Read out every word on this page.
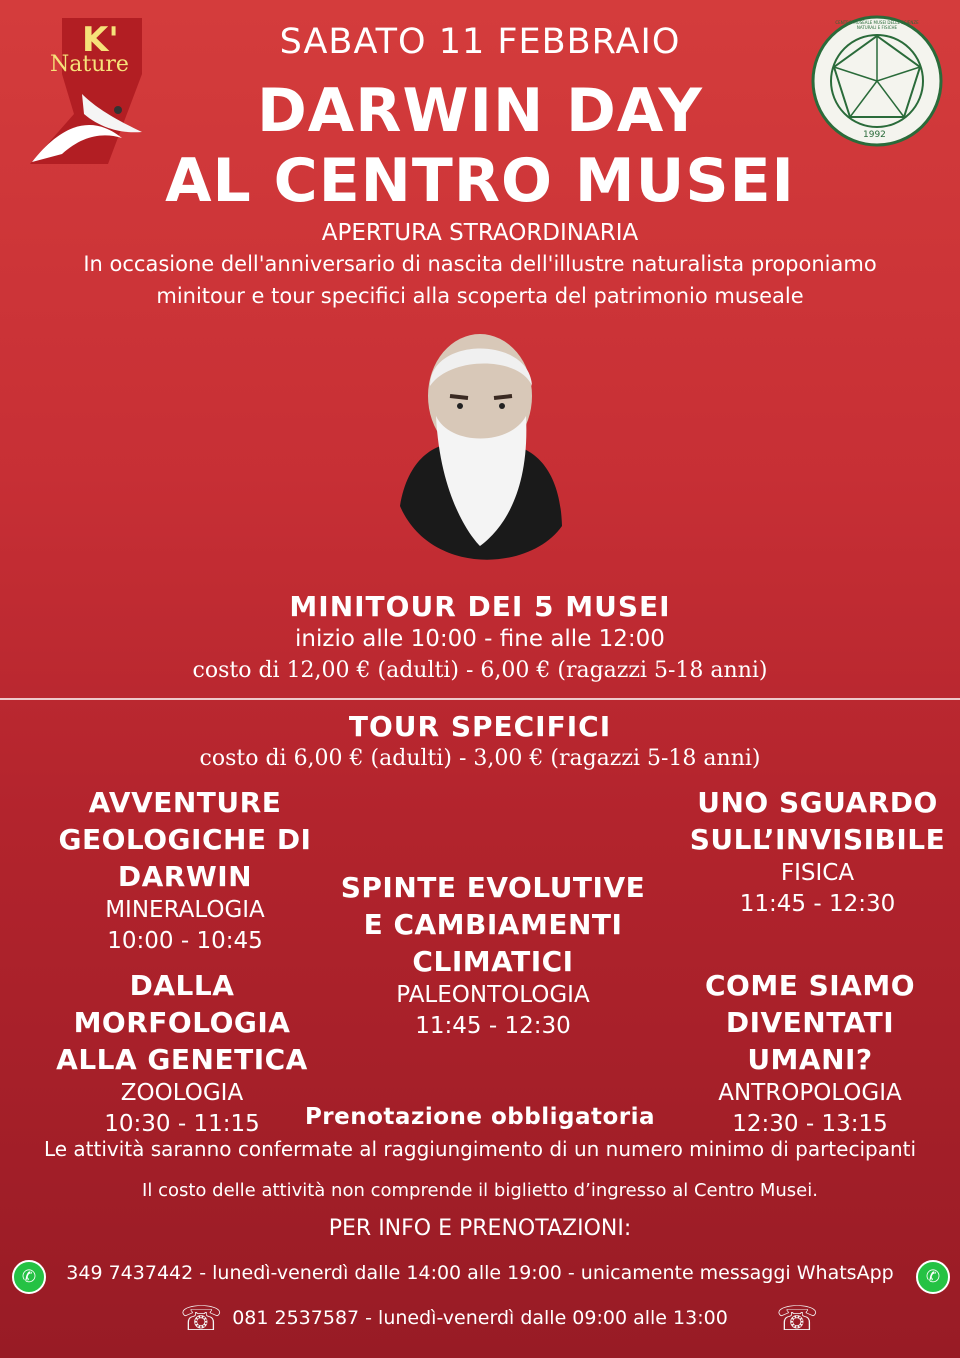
K'
Nature
1992
CENTRO MUSEALE MUSEI DELLE SCIENZE NATURALI E FISICHE
SABATO 11 FEBBRAIO
DARWIN DAY
AL CENTRO MUSEI
APERTURA STRAORDINARIA
In occasione dell'anniversario di nascita dell'illustre naturalista proponiamo
minitour e tour specifici alla scoperta del patrimonio museale
MINITOUR DEI 5 MUSEI
inizio alle 10:00 - fine alle 12:00
costo di 12,00 € (adulti) - 6,00 € (ragazzi 5-18 anni)
TOUR SPECIFICI
costo di 6,00 € (adulti) - 3,00 € (ragazzi 5-18 anni)
AVVENTURE
GEOLOGICHE DI DARWIN
MINERALOGIA
10:00 - 10:45
UNO SGUARDO
SULL’INVISIBILE
FISICA
11:45 - 12:30
SPINTE EVOLUTIVE
E CAMBIAMENTI
CLIMATICI
PALEONTOLOGIA
11:45 - 12:30
DALLA MORFOLOGIA
ALLA GENETICA
ZOOLOGIA
10:30 - 11:15
COME SIAMO
DIVENTATI UMANI?
ANTROPOLOGIA
12:30 - 13:15
Prenotazione obbligatoria
Le attività saranno confermate al raggiungimento di un numero minimo di partecipanti
Il costo delle attività non comprende il biglietto d’ingresso al Centro Musei.
PER INFO E PRENOTAZIONI:
✆	349 7437442 - lunedì-venerdì dalle 14:00 alle 19:00 - unicamente messaggi WhatsApp	✆
☏ 081 2537587 - lunedì-venerdì dalle 09:00 alle 13:00	☏
